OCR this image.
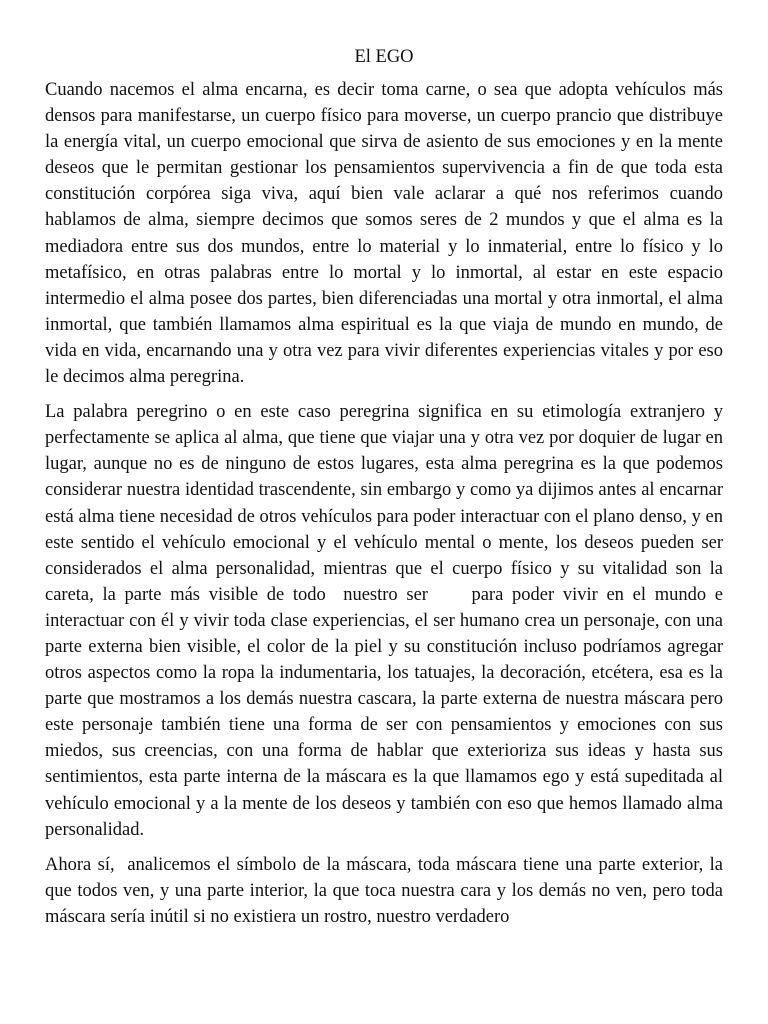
El EGO

Cuando nacemos el alma encarna, es decir toma carne, o sea que adopta vehículos más densos para manifestarse, un cuerpo físico para moverse, un cuerpo prancio que distribuye la energía vital, un cuerpo emocional que sirva de asiento de sus emociones y en la mente deseos que le permitan gestionar los pensamientos supervivencia a fin de que toda esta constitución corpórea siga viva, aquí bien vale aclarar a qué nos referimos cuando hablamos de alma, siempre decimos que somos seres de 2 mundos y que el alma es la mediadora entre sus dos mundos, entre lo material y lo inmaterial, entre lo físico y lo metafísico, en otras palabras entre lo mortal y lo inmortal, al estar en este espacio intermedio el alma posee dos partes, bien diferenciadas una mortal y otra inmortal, el alma inmortal, que también llamamos alma espiritual es la que viaja de mundo en mundo, de vida en vida, encarnando una y otra vez para vivir diferentes experiencias vitales y por eso le decimos alma peregrina.

La palabra peregrino o en este caso peregrina significa en su etimología extranjero y perfectamente se aplica al alma, que tiene que viajar una y otra vez por doquier de lugar en lugar, aunque no es de ninguno de estos lugares, esta alma peregrina es la que podemos considerar nuestra identidad trascendente, sin embargo y como ya dijimos antes al encarnar está alma tiene necesidad de otros vehículos para poder interactuar con el plano denso, y en este sentido el vehículo emocional y el vehículo mental o mente, los deseos pueden ser considerados el alma personalidad, mientras que el cuerpo físico y su vitalidad son la careta, la parte más visible de todo  nuestro ser     para poder vivir en el mundo e interactuar con él y vivir toda clase experiencias, el ser humano crea un personaje, con una parte externa bien visible, el color de la piel y su constitución incluso podríamos agregar otros aspectos como la ropa la indumentaria, los tatuajes, la decoración, etcétera, esa es la parte que mostramos a los demás nuestra cascara, la parte externa de nuestra máscara pero este personaje también tiene una forma de ser con pensamientos y emociones con sus miedos, sus creencias, con una forma de hablar que exterioriza sus ideas y hasta sus sentimientos, esta parte interna de la máscara es la que llamamos ego y está supeditada al vehículo emocional y a la mente de los deseos y también con eso que hemos llamado alma personalidad.

Ahora sí,  analicemos el símbolo de la máscara, toda máscara tiene una parte exterior, la que todos ven, y una parte interior, la que toca nuestra cara y los demás no ven, pero toda máscara sería inútil si no existiera un rostro, nuestro verdadero
